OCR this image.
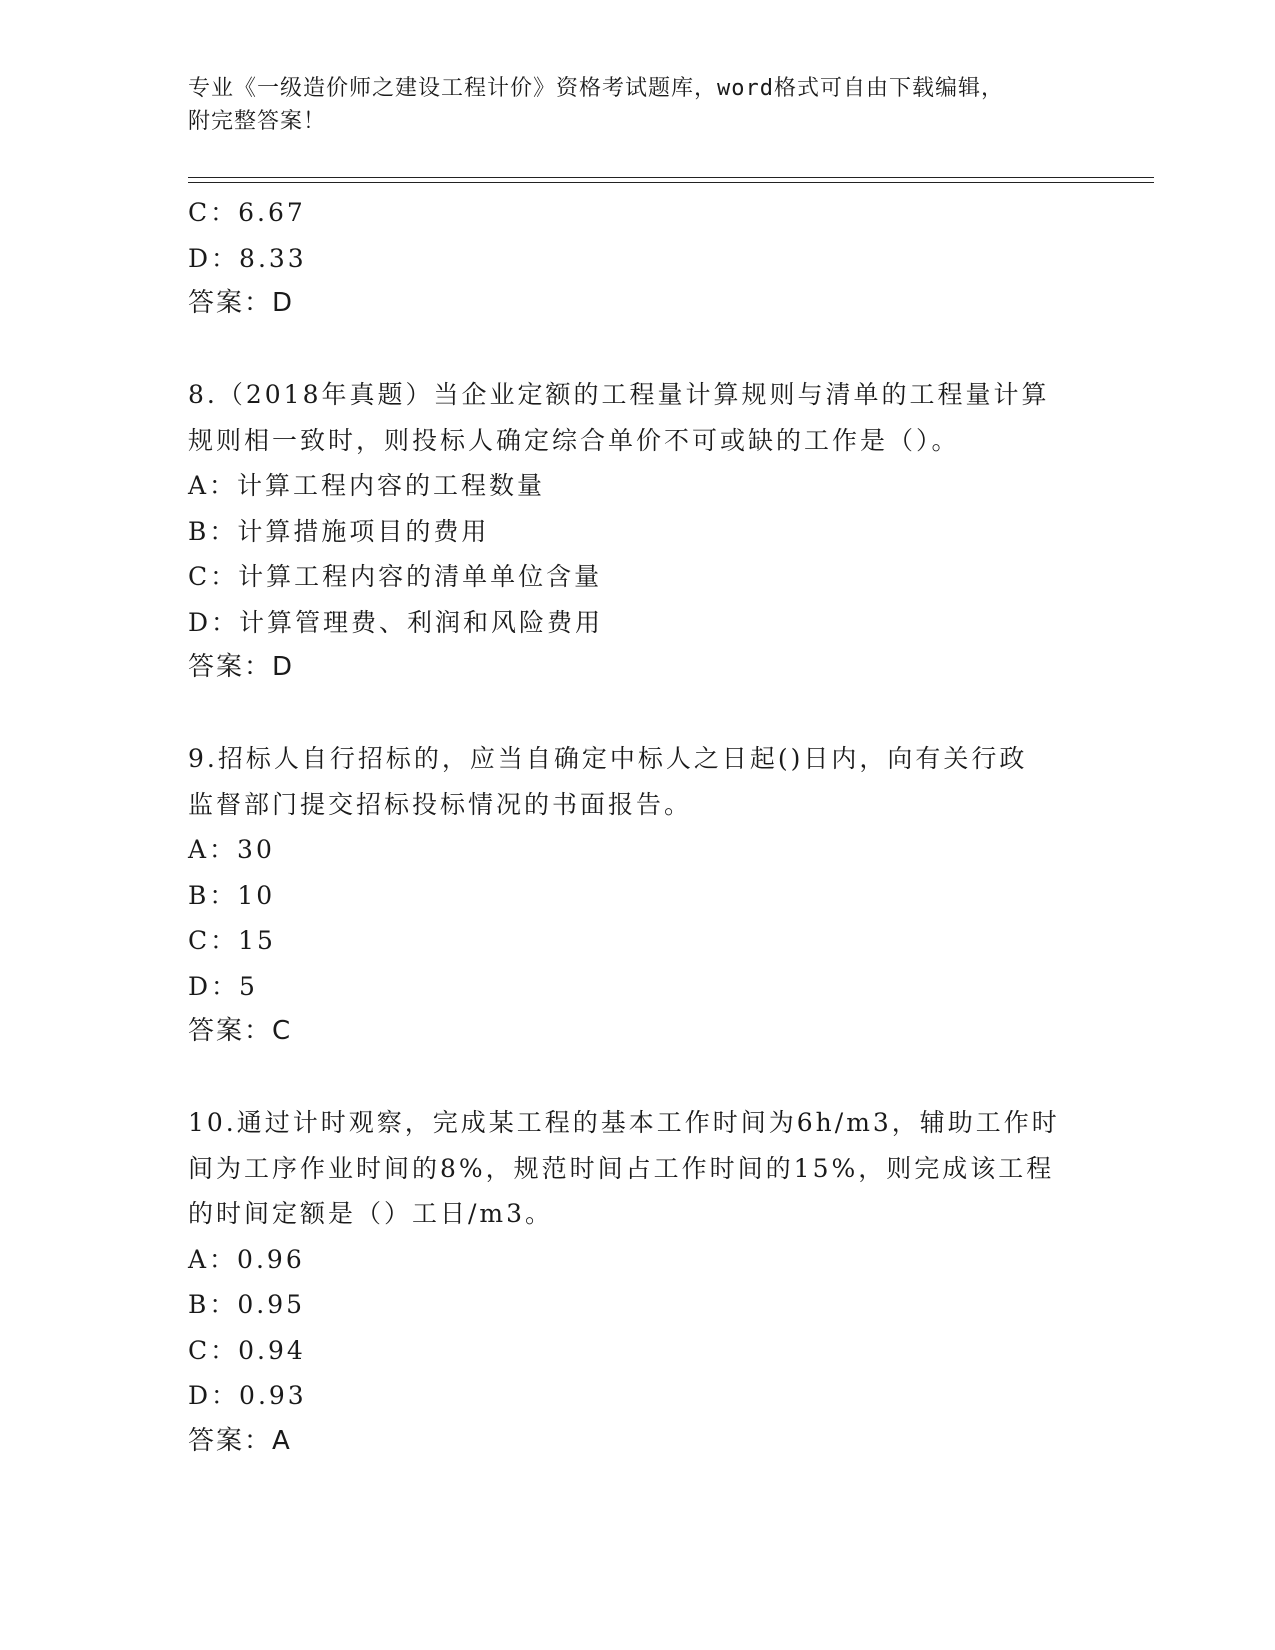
专业《一级造价师之建设工程计价》资格考试题库，word格式可自由下载编辑，
附完整答案！
C：6.67
D：8.33
答案：D
8.（2018年真题）当企业定额的工程量计算规则与清单的工程量计算
规则相一致时，则投标人确定综合单价不可或缺的工作是（）。
A：计算工程内容的工程数量
B：计算措施项目的费用
C：计算工程内容的清单单位含量
D：计算管理费、利润和风险费用
答案：D
9.招标人自行招标的，应当自确定中标人之日起()日内，向有关行政
监督部门提交招标投标情况的书面报告。
A：30
B：10
C：15
D：5
答案：C
10.通过计时观察，完成某工程的基本工作时间为6h/m3，辅助工作时
间为工序作业时间的8%，规范时间占工作时间的15%，则完成该工程
的时间定额是（）工日/m3。
A：0.96
B：0.95
C：0.94
D：0.93
答案：A
